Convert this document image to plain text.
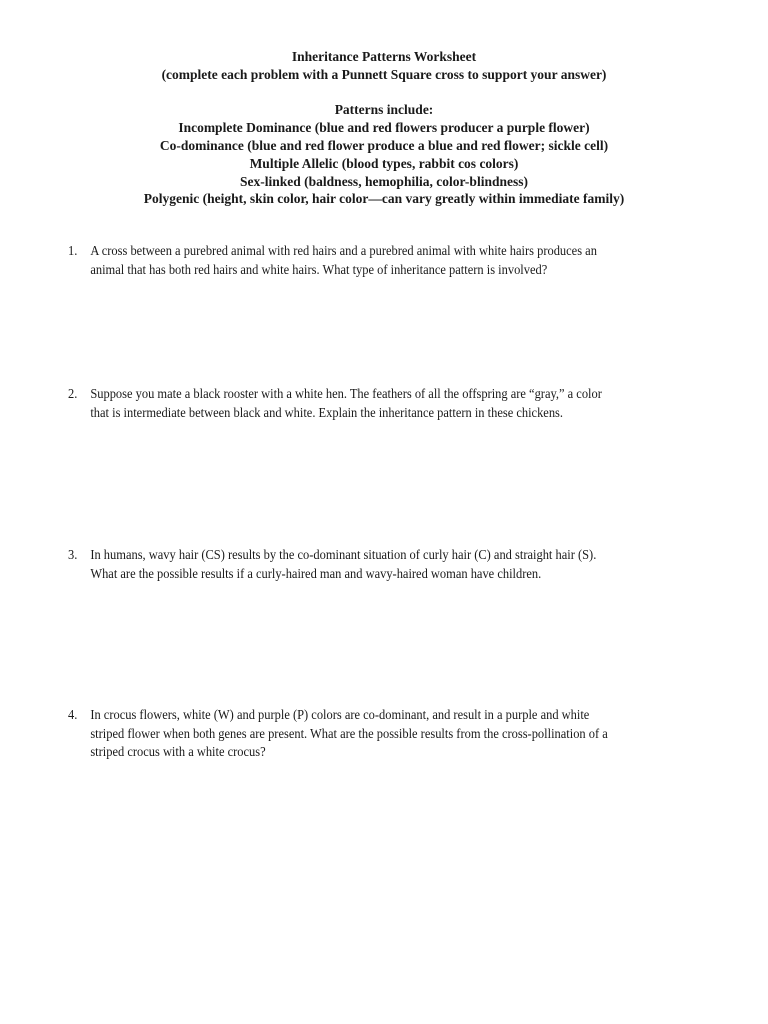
Inheritance Patterns Worksheet
(complete each problem with a Punnett Square cross to support your answer)
Patterns include:
Incomplete Dominance (blue and red flowers producer a purple flower)
Co-dominance (blue and red flower produce a blue and red flower; sickle cell)
Multiple Allelic (blood types, rabbit cos colors)
Sex-linked (baldness, hemophilia, color-blindness)
Polygenic (height, skin color, hair color—can vary greatly within immediate family)
1. A cross between a purebred animal with red hairs and a purebred animal with white hairs produces an
animal that has both red hairs and white hairs. What type of inheritance pattern is involved?
2. Suppose you mate a black rooster with a white hen. The feathers of all the offspring are “gray,” a color
that is intermediate between black and white. Explain the inheritance pattern in these chickens.
3. In humans, wavy hair (CS) results by the co-dominant situation of curly hair (C) and straight hair (S).
What are the possible results if a curly-haired man and wavy-haired woman have children.
4. In crocus flowers, white (W) and purple (P) colors are co-dominant, and result in a purple and white
striped flower when both genes are present. What are the possible results from the cross-pollination of a
striped crocus with a white crocus?
